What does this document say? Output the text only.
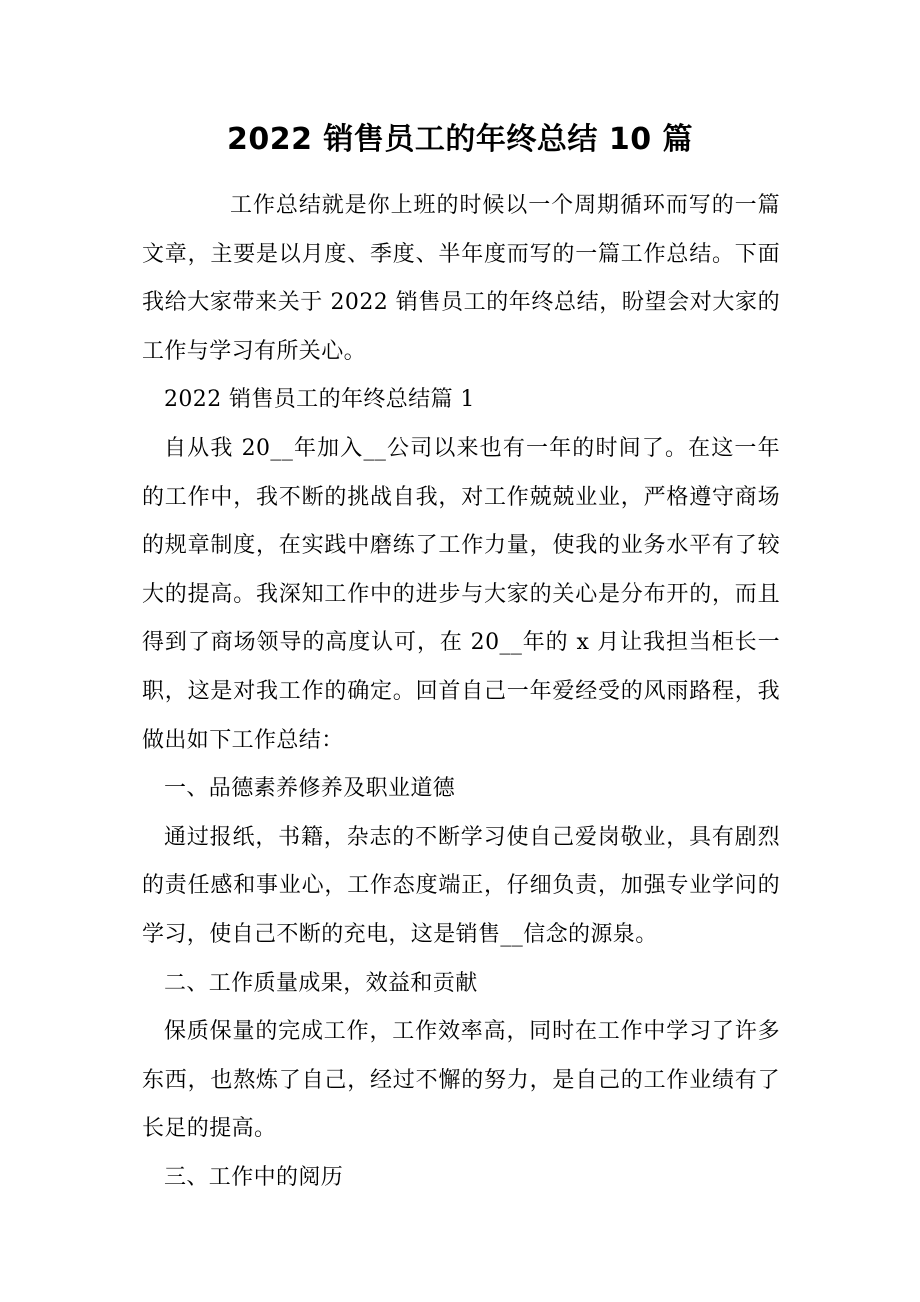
2022 销售员工的年终总结 10 篇

工作总结就是你上班的时候以一个周期循环而写的一篇文章，主要是以月度、季度、半年度而写的一篇工作总结。下面我给大家带来关于 2022 销售员工的年终总结，盼望会对大家的工作与学习有所关心。

2022 销售员工的年终总结篇 1

自从我 20__年加入__公司以来也有一年的时间了。在这一年的工作中，我不断的挑战自我，对工作兢兢业业，严格遵守商场的规章制度，在实践中磨练了工作力量，使我的业务水平有了较大的提高。我深知工作中的进步与大家的关心是分布开的，而且得到了商场领导的高度认可，在 20__年的 x 月让我担当柜长一职，这是对我工作的确定。回首自己一年爱经受的风雨路程，我做出如下工作总结：

一、品德素养修养及职业道德

通过报纸，书籍，杂志的不断学习使自己爱岗敬业，具有剧烈的责任感和事业心，工作态度端正，仔细负责，加强专业学问的学习，使自己不断的充电，这是销售__信念的源泉。

二、工作质量成果，效益和贡献

保质保量的完成工作，工作效率高，同时在工作中学习了许多东西，也熬炼了自己，经过不懈的努力，是自己的工作业绩有了长足的提高。

三、工作中的阅历
